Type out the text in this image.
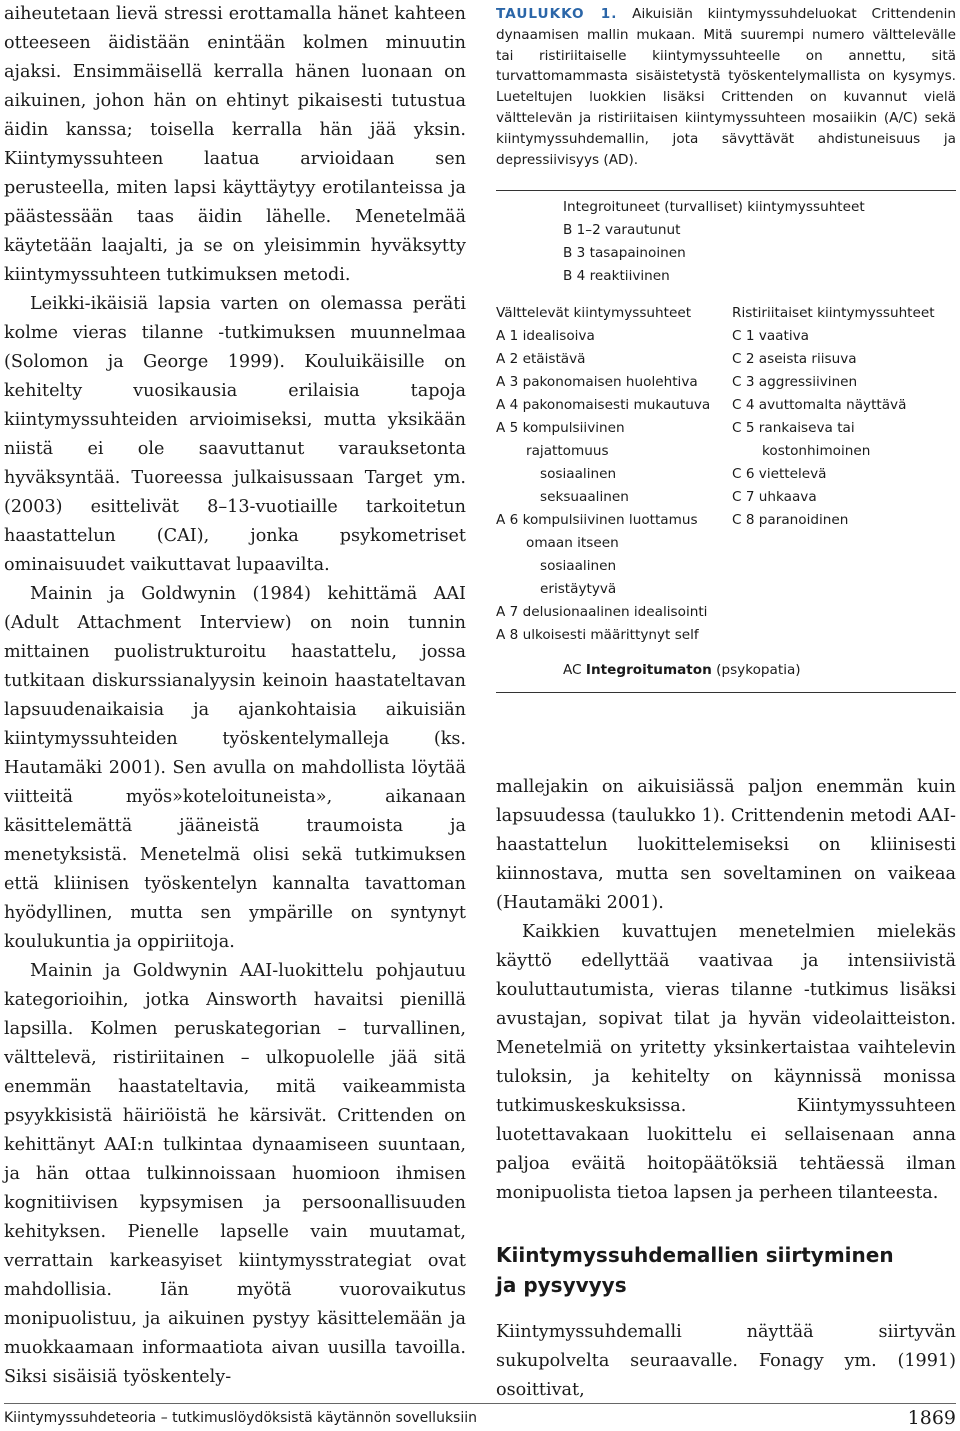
aiheutetaan lievä stressi erottamalla hänet kahteen otteeseen äidistään enintään kolmen minuutin ajaksi. Ensimmäisellä kerralla hänen luonaan on aikuinen, johon hän on ehtinyt pikaisesti tutustua äidin kanssa; toisella kerralla hän jää yksin. Kiintymyssuhteen laatua arvioidaan sen perusteella, miten lapsi käyttäytyy erotilanteissa ja päästessään taas äidin lähelle. Menetelmää käytetään laajalti, ja se on yleisimmin hyväksytty kiintymyssuhteen tutkimuksen metodi.

Leikki-ikäisiä lapsia varten on olemassa peräti kolme vieras tilanne -tutkimuksen muunnelmaa (Solomon ja George 1999). Kouluikäisille on kehitelty vuosikausia erilaisia tapoja kiintymyssuhteiden arvioimiseksi, mutta yksikään niistä ei ole saavuttanut varauksetonta hyväksyntää. Tuoreessa julkaisussaan Target ym. (2003) esittelivät 8–13-vuotiaille tarkoitetun haastattelun (CAI), jonka psykometriset ominaisuudet vaikuttavat lupaavilta.

Mainin ja Goldwynin (1984) kehittämä AAI (Adult Attachment Interview) on noin tunnin mittainen puolistrukturoitu haastattelu, jossa tutkitaan diskurssianalyysin keinoin haastateltavan lapsuudenaikaisia ja ajankohtaisia aikuisiän kiintymyssuhteiden työskentelymalleja (ks. Hautamäki 2001). Sen avulla on mahdollista löytää viitteitä myös»koteloituneista», aikanaan käsittelemättä jääneistä traumoista ja menetyksistä. Menetelmä olisi sekä tutkimuksen että kliinisen työskentelyn kannalta tavattoman hyödyllinen, mutta sen ympärille on syntynyt koulukuntia ja oppiriitoja.

Mainin ja Goldwynin AAI-luokittelu pohjautuu kategorioihin, jotka Ainsworth havaitsi pienillä lapsilla. Kolmen peruskategorian – turvallinen, välttelevä, ristiriitainen – ulkopuolelle jää sitä enemmän haastateltavia, mitä vaikeammista psyykkisistä häiriöistä he kärsivät. Crittenden on kehittänyt AAI:n tulkintaa dynaamiseen suuntaan, ja hän ottaa tulkinnoissaan huomioon ihmisen kognitiivisen kypsymisen ja persoonallisuuden kehityksen. Pienelle lapselle vain muutamat, verrattain karkeasyiset kiintymysstrategiat ovat mahdollisia. Iän myötä vuorovaikutus monipuolistuu, ja aikuinen pystyy käsittelemään ja muokkaamaan informaatiota aivan uusilla tavoilla. Siksi sisäisiä työskentely-

TAULUKKO 1. Aikuisiän kiintymyssuhdeluokat Crittendenin dynaamisen mallin mukaan. Mitä suurempi numero välttelevälle tai ristiriitaiselle kiintymyssuhteelle on annettu, sitä turvattomammasta sisäistetystä työskentelymallista on kysymys. Lueteltujen luokkien lisäksi Crittenden on kuvannut vielä välttelevän ja ristiriitaisen kiintymyssuhteen mosaiikin (A/C) sekä kiintymyssuhdemallin, jota sävyttävät ahdistuneisuus ja depressiivisyys (AD).
Integroituneet (turvalliset) kiintymyssuhteet
B 1–2 varautunut
B 3 tasapainoinen
B 4 reaktiivinen
Välttelevät kiintymyssuhteet
A 1 idealisoiva
A 2 etäistävä
A 3 pakonomaisen huolehtiva
A 4 pakonomaisesti mukautuva
A 5 kompulsiivinen
rajattomuus
sosiaalinen
seksuaalinen
A 6 kompulsiivinen luottamus
omaan itseen
sosiaalinen
eristäytyvä
A 7 delusionaalinen idealisointi
A 8 ulkoisesti määrittynyt self
Ristiriitaiset kiintymyssuhteet
C 1 vaativa
C 2 aseista riisuva
C 3 aggressiivinen
C 4 avuttomalta näyttävä
C 5 rankaiseva tai
kostonhimoinen
C 6 viettelevä
C 7 uhkaava
C 8 paranoidinen
AC Integroitumaton (psykopatia)

mallejakin on aikuisiässä paljon enemmän kuin lapsuudessa (taulukko 1). Crittendenin metodi AAI-haastattelun luokittelemiseksi on kliinisesti kiinnostava, mutta sen soveltaminen on vaikeaa (Hautamäki 2001).

Kaikkien kuvattujen menetelmien mielekäs käyttö edellyttää vaativaa ja intensiivistä kouluttautumista, vieras tilanne -tutkimus lisäksi avustajan, sopivat tilat ja hyvän videolaitteiston. Menetelmiä on yritetty yksinkertaistaa vaihtelevin tuloksin, ja kehitelty on käynnissä monissa tutkimuskeskuksissa. Kiintymyssuhteen luotettavakaan luokittelu ei sellaisenaan anna paljoa eväitä hoitopäätöksiä tehtäessä ilman monipuolista tietoa lapsen ja perheen tilanteesta.

Kiintymyssuhdemallien siirtyminen
ja pysyvyys

Kiintymyssuhdemalli näyttää siirtyvän sukupolvelta seuraavalle. Fonagy ym. (1991) osoittivat,

Kiintymyssuhdeteoria – tutkimuslöydöksistä käytännön sovelluksiin	1869
